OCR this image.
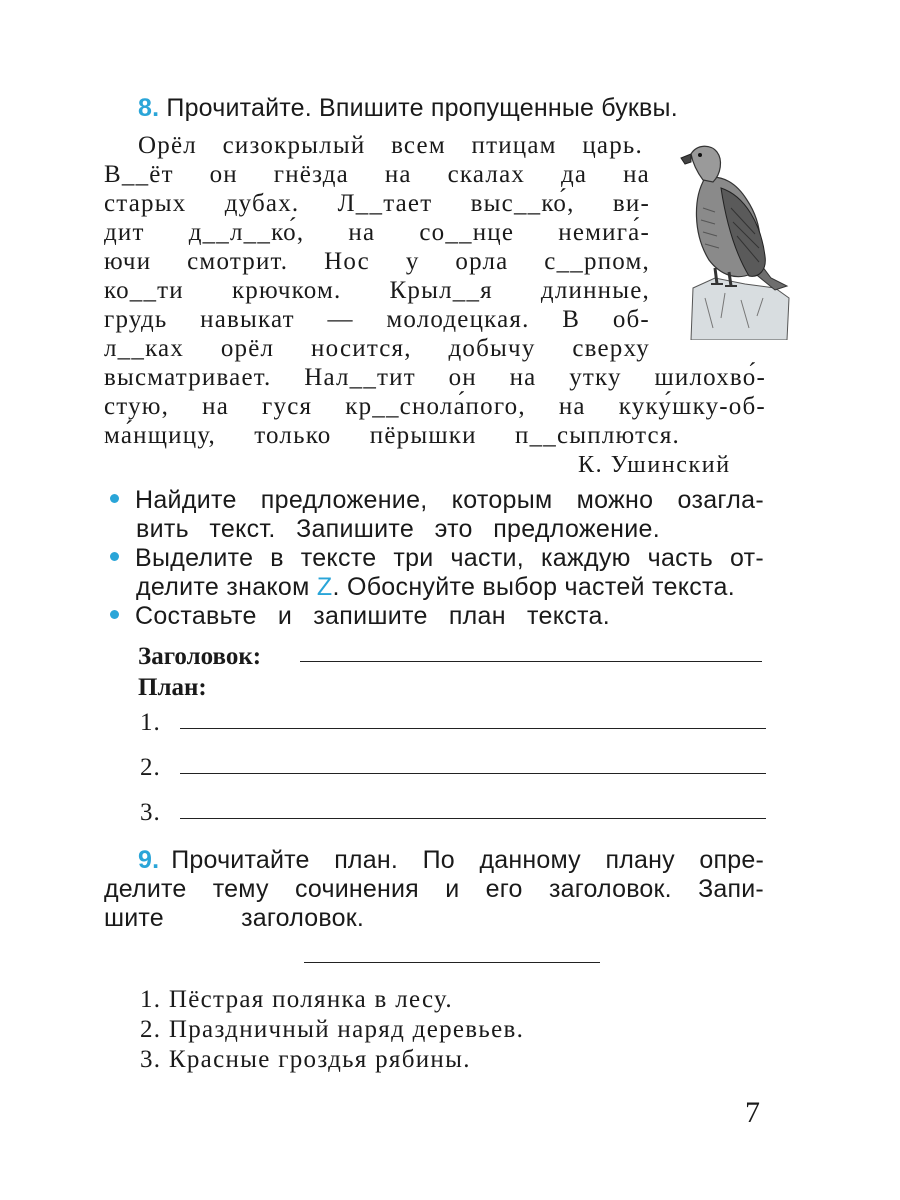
8. Прочитайте. Впишите пропущенные буквы.
Орёл сизокрылый всем птицам царь.
В__ёт он гнёзда на скалах да на
старых дубах. Л__тает выс__ко́, ви-
дит д__л__ко́, на со__нце немига́-
ючи смотрит. Нос у орла с__рпом,
ко__ти крючком. Крыл__я длинные,
грудь навыкат — молодецкая. В об-
л__ках орёл носится, добычу сверху
высматривает. Нал__тит он на утку шилохво́-
стую, на гуся кр__снола́пого, на куку́шку-об-
ма́нщицу, только пёрышки п__сыплются.
К. Ушинский
Найдите предложение, которым можно озагла-
вить текст. Запишите это предложение.
Выделите в тексте три части, каждую часть от-
делите знаком Z. Обоснуйте выбор частей текста.
Составьте и запишите план текста.
Заголовок:
План:
1.
2.
3.
9. Прочитайте план. По данному плану опре-
делите тему сочинения и его заголовок. Запи-
шите	заголовок.
1. Пёстрая полянка в лесу.
2. Праздничный наряд деревьев.
3. Красные гроздья рябины.
7
